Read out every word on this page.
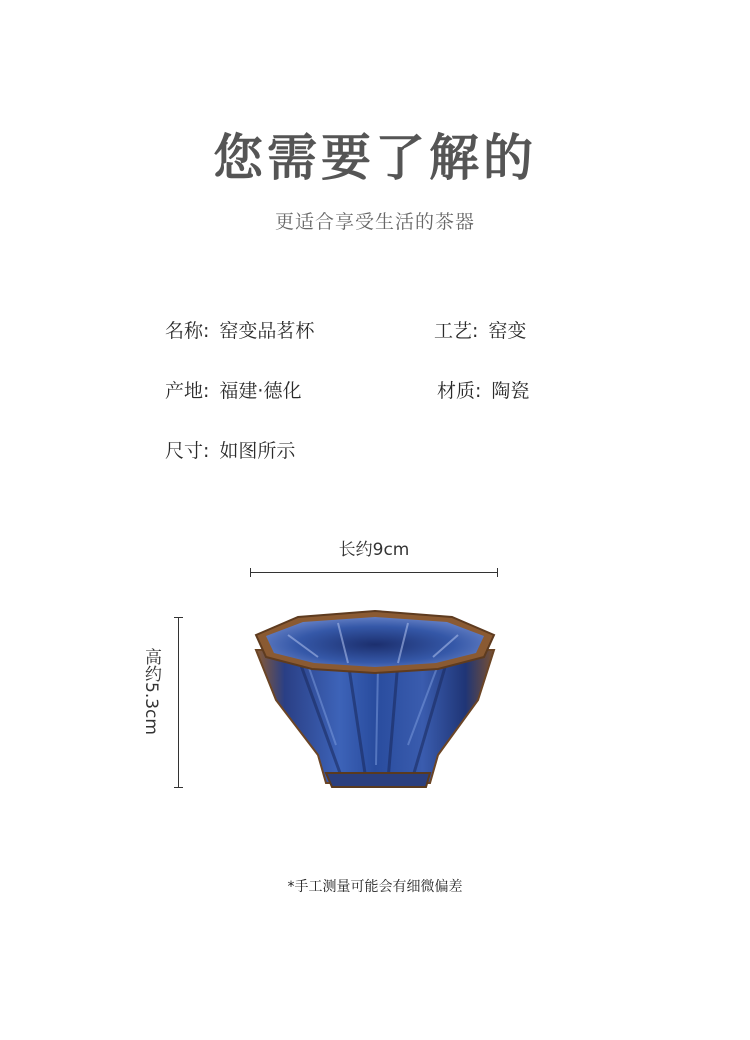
您需要了解的
更适合享受生活的茶器
名称: 窑变品茗杯	工艺: 窑变
产地: 福建·德化	材质: 陶瓷
尺寸: 如图所示
长约9cm
高约5.3cm
*手工测量可能会有细微偏差
